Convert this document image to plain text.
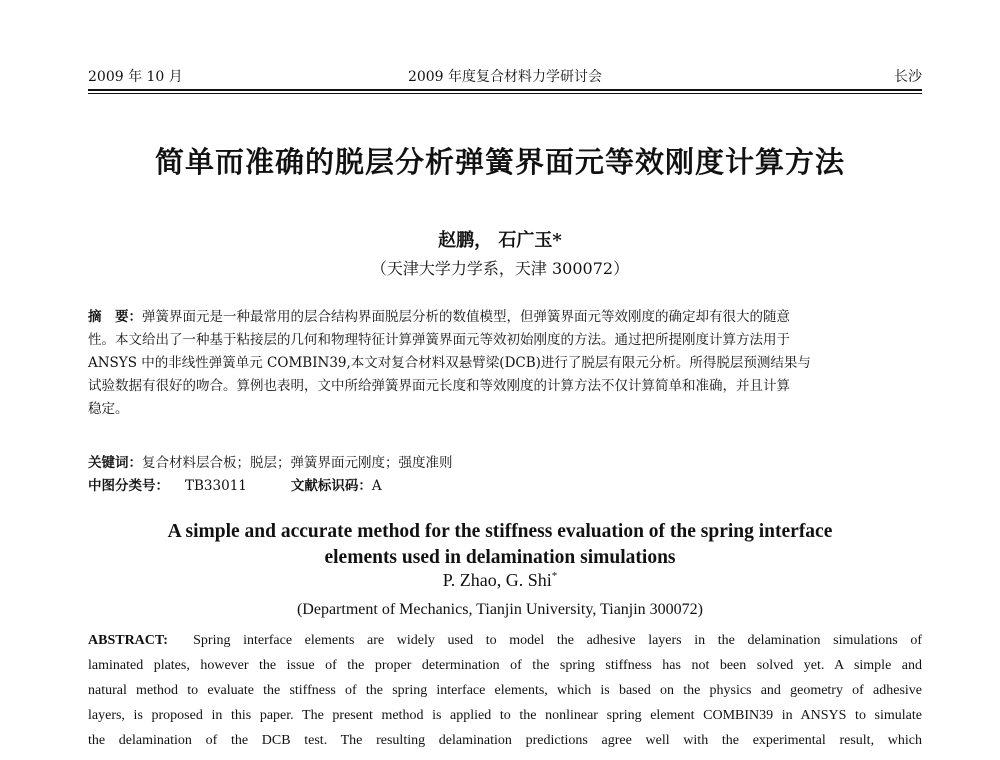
2009 年 10 月	2009 年度复合材料力学研讨会	长沙
简单而准确的脱层分析弹簧界面元等效刚度计算方法
赵鹏， 石广玉*
（天津大学力学系，天津 300072）
摘　要：弹簧界面元是一种最常用的层合结构界面脱层分析的数值模型，但弹簧界面元等效刚度的确定却有很大的随意
性。本文给出了一种基于粘接层的几何和物理特征计算弹簧界面元等效初始刚度的方法。通过把所提刚度计算方法用于
ANSYS 中的非线性弹簧单元 COMBIN39,本文对复合材料双悬臂梁(DCB)进行了脱层有限元分析。所得脱层预测结果与
试验数据有很好的吻合。算例也表明，文中所给弹簧界面元长度和等效刚度的计算方法不仅计算简单和准确，并且计算
稳定。
关键词：复合材料层合板；脱层；弹簧界面元刚度；强度准则
中图分类号： TB33011	文献标识码：A
A simple and accurate method for the stiffness evaluation of the spring interface
elements used in delamination simulations
P. Zhao, G. Shi*
(Department of Mechanics, Tianjin University, Tianjin 300072)
ABSTRACT: Spring interface elements are widely used to model the adhesive layers in the delamination simulations of
laminated plates, however the issue of the proper determination of the spring stiffness has not been solved yet. A simple and
natural method to evaluate the stiffness of the spring interface elements, which is based on the physics and geometry of adhesive
layers, is proposed in this paper. The present method is applied to the nonlinear spring element COMBIN39 in ANSYS to simulate
the delamination of the DCB test. The resulting delamination predictions agree well with the experimental result, which
